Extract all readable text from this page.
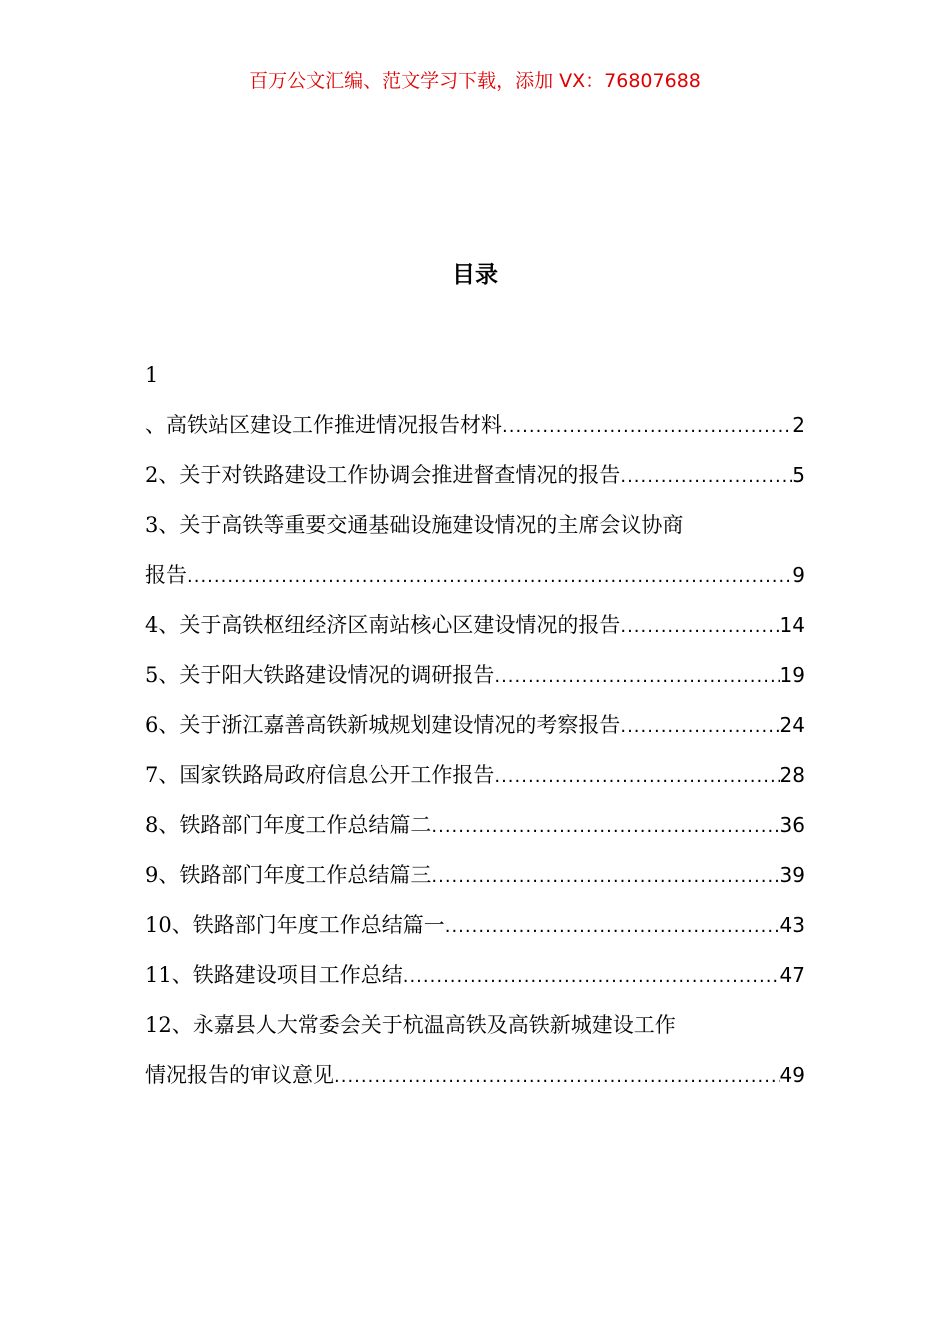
百万公文汇编、范文学习下载，添加 VX：76807688
目录
1
、高铁站区建设工作推进情况报告材料 .....	2
2、关于对铁路建设工作协调会推进督查情况的报告 .....	5
3、关于高铁等重要交通基础设施建设情况的主席会议协商
报告 .....	9
4、关于高铁枢纽经济区南站核心区建设情况的报告 .....	14
5、关于阳大铁路建设情况的调研报告 .....	19
6、关于浙江嘉善高铁新城规划建设情况的考察报告 .....	24
7、国家铁路局政府信息公开工作报告 .....	28
8、铁路部门年度工作总结篇二 .....	36
9、铁路部门年度工作总结篇三 .....	39
10、铁路部门年度工作总结篇一 .....	43
11、铁路建设项目工作总结 .....	47
12、永嘉县人大常委会关于杭温高铁及高铁新城建设工作
情况报告的审议意见 .....	49
